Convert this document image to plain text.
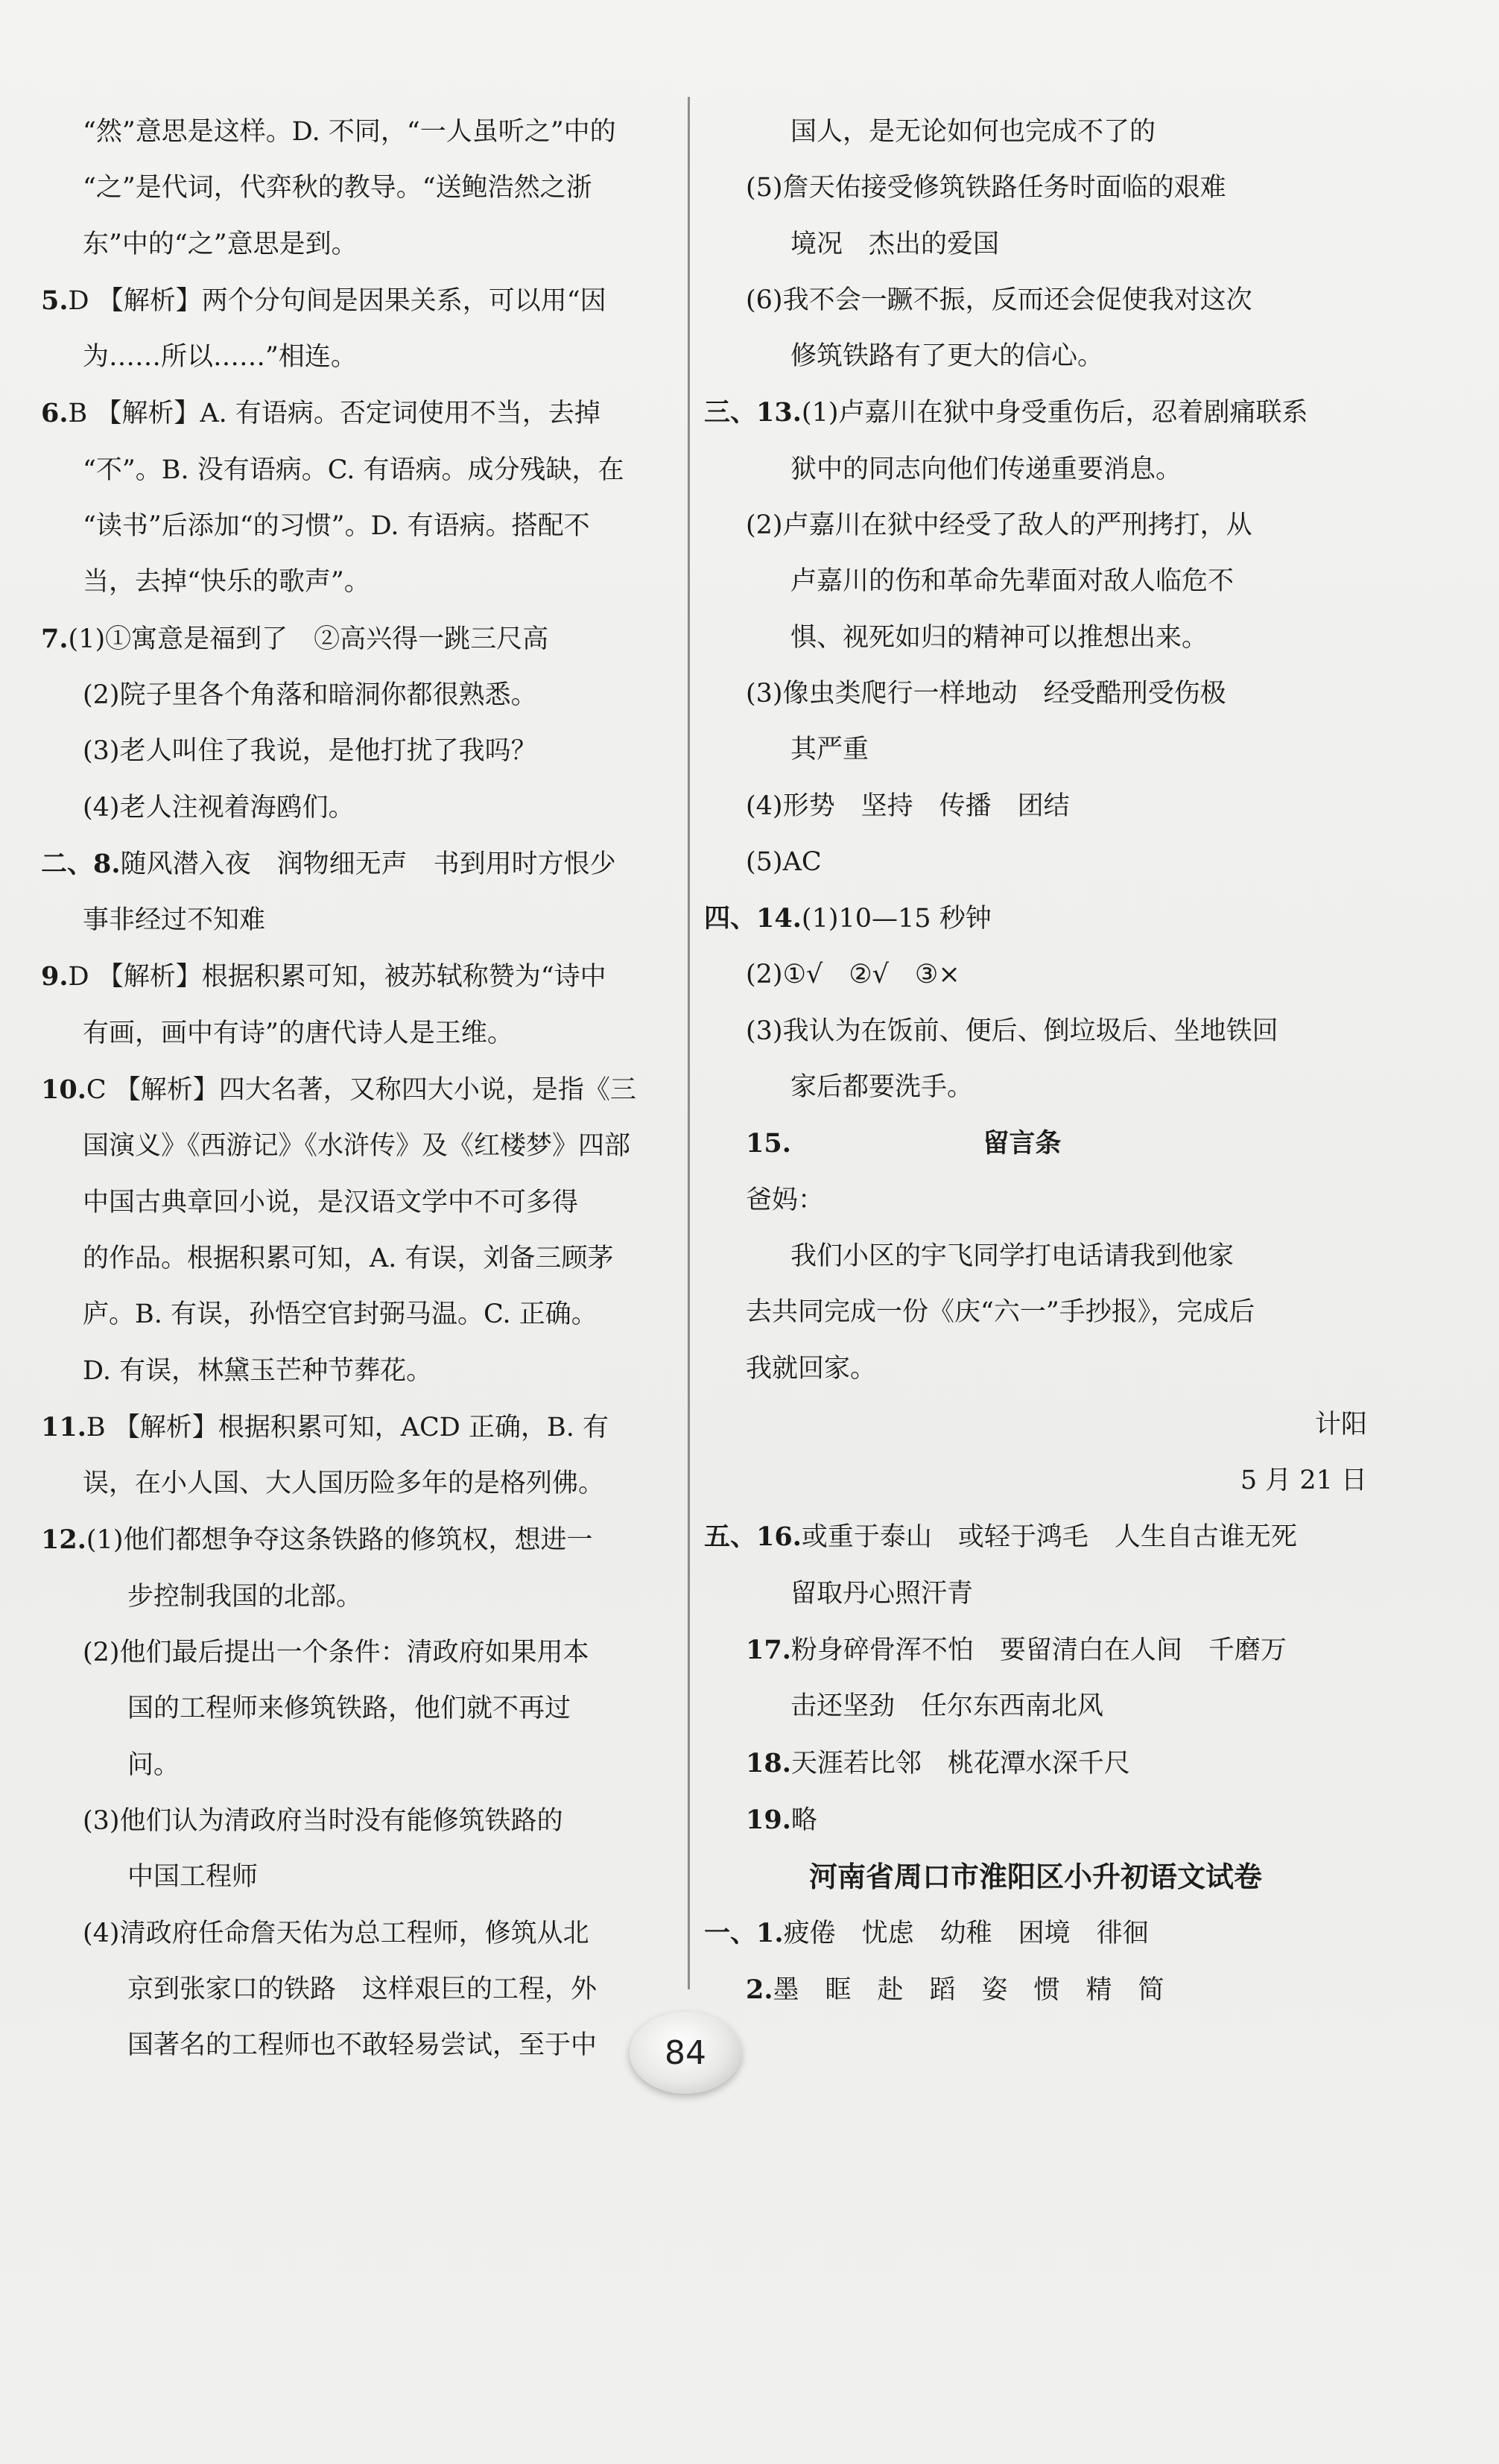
“然”意思是这样。D. 不同，“一人虽听之”中的
“之”是代词，代弈秋的教导。“送鲍浩然之浙
东”中的“之”意思是到。
5.D 【解析】两个分句间是因果关系，可以用“因
为……所以……”相连。
6.B 【解析】A. 有语病。否定词使用不当，去掉
“不”。B. 没有语病。C. 有语病。成分残缺，在
“读书”后添加“的习惯”。D. 有语病。搭配不
当，去掉“快乐的歌声”。
7.(1)①寓意是福到了　②高兴得一跳三尺高
(2)院子里各个角落和暗洞你都很熟悉。
(3)老人叫住了我说，是他打扰了我吗？
(4)老人注视着海鸥们。
二、8.随风潜入夜　润物细无声　书到用时方恨少
事非经过不知难
9.D 【解析】根据积累可知，被苏轼称赞为“诗中
有画，画中有诗”的唐代诗人是王维。
10.C 【解析】四大名著，又称四大小说，是指《三
国演义》《西游记》《水浒传》及《红楼梦》四部
中国古典章回小说，是汉语文学中不可多得
的作品。根据积累可知，A. 有误，刘备三顾茅
庐。B. 有误，孙悟空官封弼马温。C. 正确。
D. 有误，林黛玉芒种节葬花。
11.B 【解析】根据积累可知，ACD 正确，B. 有
误，在小人国、大人国历险多年的是格列佛。
12.(1)他们都想争夺这条铁路的修筑权，想进一
步控制我国的北部。
(2)他们最后提出一个条件：清政府如果用本
国的工程师来修筑铁路，他们就不再过
问。
(3)他们认为清政府当时没有能修筑铁路的
中国工程师
(4)清政府任命詹天佑为总工程师，修筑从北
京到张家口的铁路　这样艰巨的工程，外
国著名的工程师也不敢轻易尝试，至于中
国人，是无论如何也完成不了的
(5)詹天佑接受修筑铁路任务时面临的艰难
境况　杰出的爱国
(6)我不会一蹶不振，反而还会促使我对这次
修筑铁路有了更大的信心。
三、13.(1)卢嘉川在狱中身受重伤后，忍着剧痛联系
狱中的同志向他们传递重要消息。
(2)卢嘉川在狱中经受了敌人的严刑拷打，从
卢嘉川的伤和革命先辈面对敌人临危不
惧、视死如归的精神可以推想出来。
(3)像虫类爬行一样地动　经受酷刑受伤极
其严重
(4)形势　坚持　传播　团结
(5)AC
四、14.(1)10—15 秒钟
(2)①√　②√　③×
(3)我认为在饭前、便后、倒垃圾后、坐地铁回
家后都要洗手。
15.	留言条
爸妈：
我们小区的宇飞同学打电话请我到他家
去共同完成一份《庆“六一”手抄报》，完成后
我就回家。
计阳
5 月 21 日
五、16.或重于泰山　或轻于鸿毛　人生自古谁无死
留取丹心照汗青
17.粉身碎骨浑不怕　要留清白在人间　千磨万
击还坚劲　任尔东西南北风
18.天涯若比邻　桃花潭水深千尺
19.略
河南省周口市淮阳区小升初语文试卷
一、1.疲倦　忧虑　幼稚　困境　徘徊
2.墨　眶　赴　蹈　姿　惯　精　简
84
